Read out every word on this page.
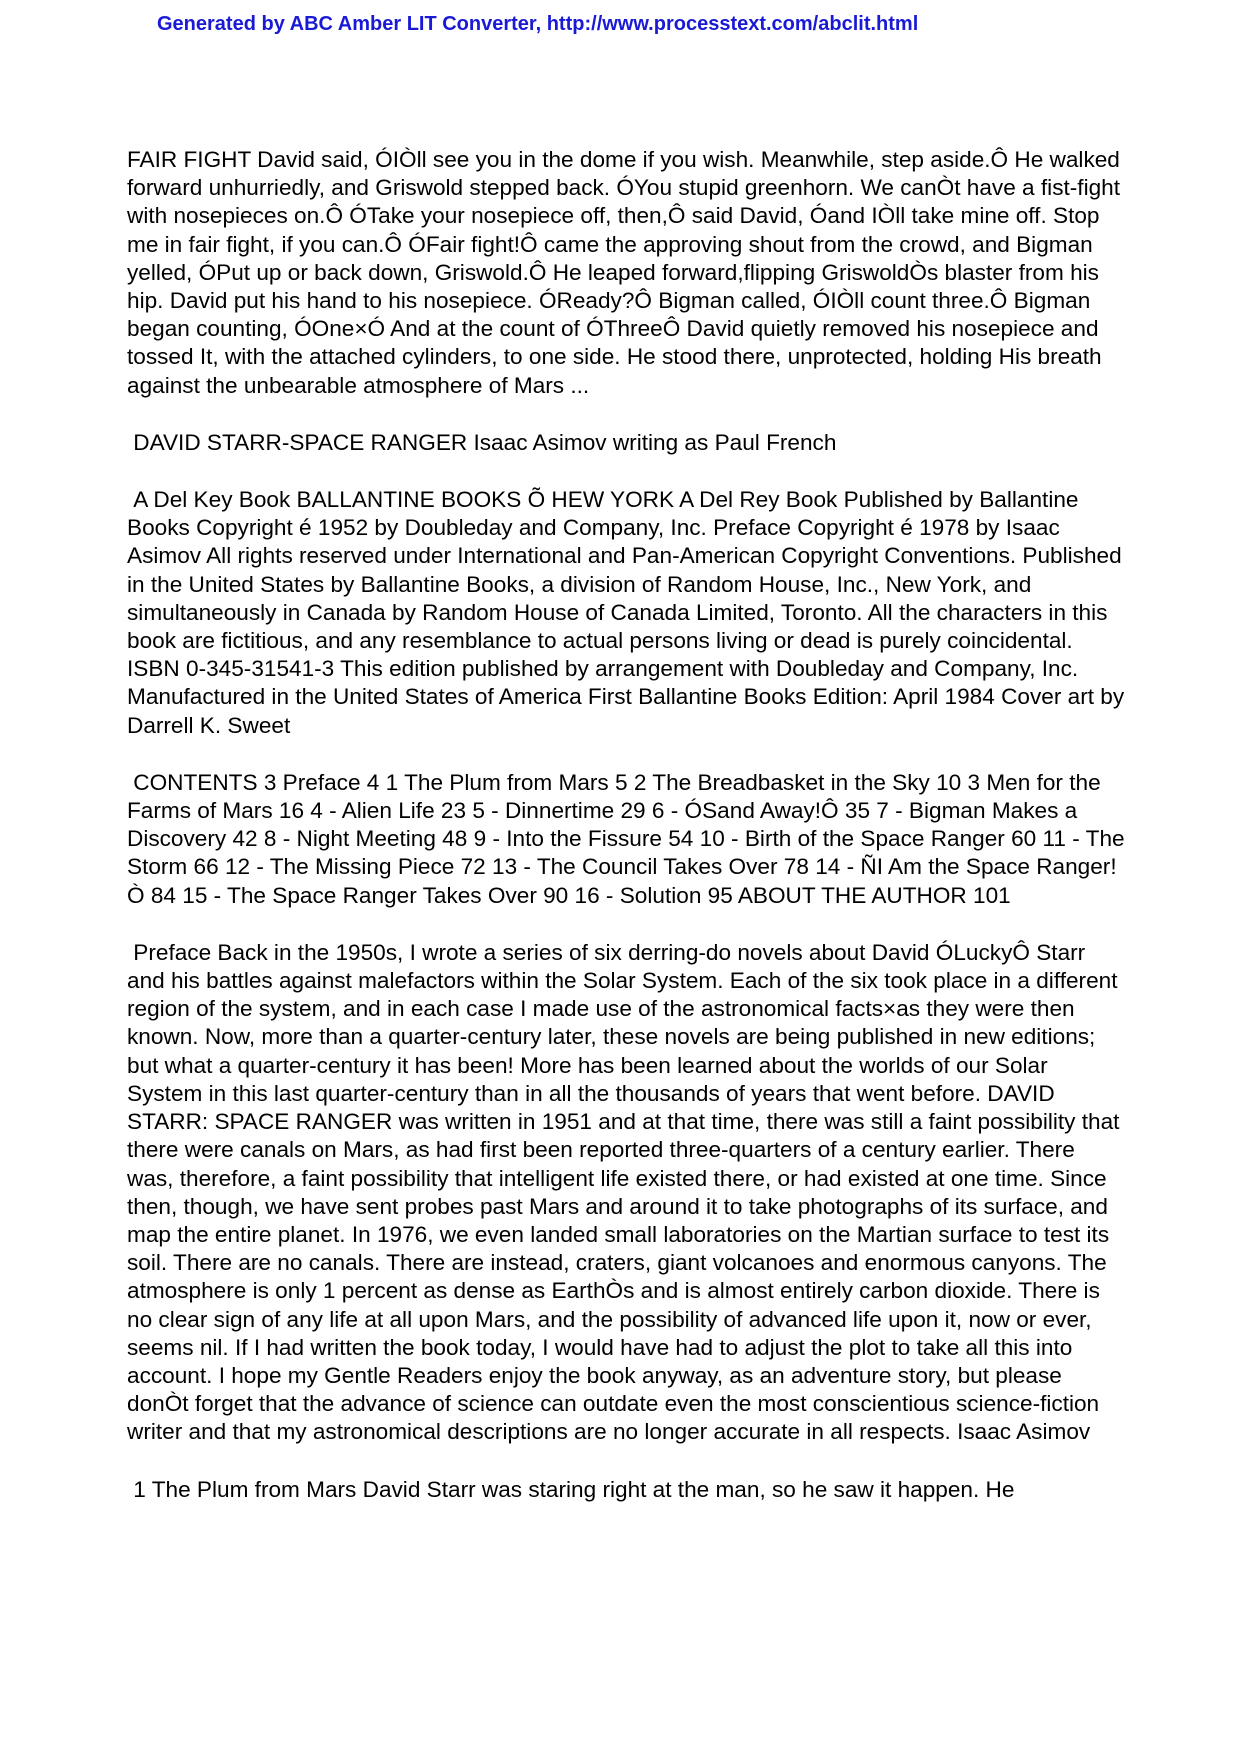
Generated by ABC Amber LIT Converter, http://www.processtext.com/abclit.html

FAIR FIGHT David said, ÓIÒll see you in the dome if you wish. Meanwhile, step aside.Ô He walked forward unhurriedly, and Griswold stepped back. ÓYou stupid greenhorn. We canÒt have a fist-fight with nosepieces on.Ô ÓTake your nosepiece off, then,Ô said David, Óand IÒll take mine off. Stop me in fair fight, if you can.Ô ÓFair fight!Ô came the approving shout from the crowd, and Bigman yelled, ÓPut up or back down, Griswold.Ô He leaped forward,flipping GriswoldÒs blaster from his hip. David put his hand to his nosepiece. ÓReady?Ô Bigman called, ÓIÒll count three.Ô Bigman began counting, ÓOne×Ó And at the count of ÓThreeÔ David quietly removed his nosepiece and tossed It, with the attached cylinders, to one side. He stood there, unprotected, holding His breath against the unbearable atmosphere of Mars ...

DAVID STARR-SPACE RANGER Isaac Asimov writing as Paul French

A Del Key Book BALLANTINE BOOKS Õ HEW YORK A Del Rey Book Published by Ballantine Books Copyright é 1952 by Doubleday and Company, Inc. Preface Copyright é 1978 by Isaac Asimov All rights reserved under International and Pan-American Copyright Conventions. Published in the United States by Ballantine Books, a division of Random House, Inc., New York, and simultaneously in Canada by Random House of Canada Limited, Toronto. All the characters in this book are fictitious, and any resemblance to actual persons living or dead is purely coincidental. ISBN 0-345-31541-3 This edition published by arrangement with Doubleday and Company, Inc. Manufactured in the United States of America First Ballantine Books Edition: April 1984 Cover art by Darrell K. Sweet

CONTENTS 3 Preface 4 1 The Plum from Mars 5 2 The Breadbasket in the Sky 10 3 Men for the Farms of Mars 16 4 - Alien Life 23 5 - Dinnertime 29 6 - ÓSand Away!Ô 35 7 - Bigman Makes a Discovery 42 8 - Night Meeting 48 9 - Into the Fissure 54 10 - Birth of the Space Ranger 60 11 - The Storm 66 12 - The Missing Piece 72 13 - The Council Takes Over 78 14 - ÑI Am the Space Ranger!Ò 84 15 - The Space Ranger Takes Over 90 16 - Solution 95 ABOUT THE AUTHOR 101

Preface Back in the 1950s, I wrote a series of six derring-do novels about David ÓLuckyÔ Starr and his battles against malefactors within the Solar System. Each of the six took place in a different region of the system, and in each case I made use of the astronomical facts×as they were then known. Now, more than a quarter-century later, these novels are being published in new editions; but what a quarter-century it has been! More has been learned about the worlds of our Solar System in this last quarter-century than in all the thousands of years that went before. DAVID STARR: SPACE RANGER was written in 1951 and at that time, there was still a faint possibility that there were canals on Mars, as had first been reported three-quarters of a century earlier. There was, therefore, a faint possibility that intelligent life existed there, or had existed at one time. Since then, though, we have sent probes past Mars and around it to take photographs of its surface, and map the entire planet. In 1976, we even landed small laboratories on the Martian surface to test its soil. There are no canals. There are instead, craters, giant volcanoes and enormous canyons. The atmosphere is only 1 percent as dense as EarthÒs and is almost entirely carbon dioxide. There is no clear sign of any life at all upon Mars, and the possibility of advanced life upon it, now or ever, seems nil. If I had written the book today, I would have had to adjust the plot to take all this into account. I hope my Gentle Readers enjoy the book anyway, as an adventure story, but please donÒt forget that the advance of science can outdate even the most conscientious science-fiction writer and that my astronomical descriptions are no longer accurate in all respects. Isaac Asimov

1 The Plum from Mars David Starr was staring right at the man, so he saw it happen. He
